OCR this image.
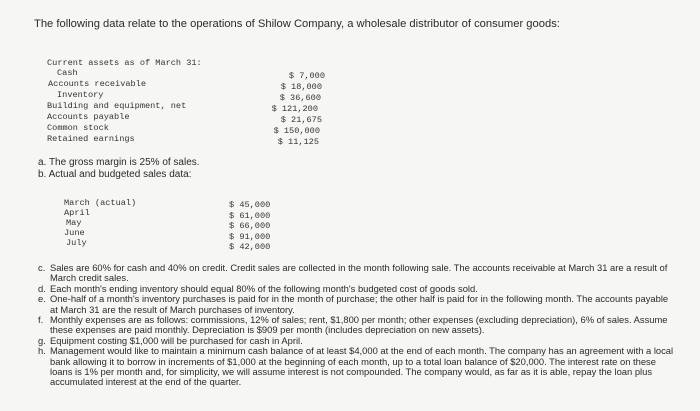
The following data relate to the operations of Shilow Company, a wholesale distributor of consumer goods:
Current assets as of March 31:
Cash
Accounts receivable
Inventory
Building and equipment, net
Accounts payable
Common stock
Retained earnings
$ 7,000
$ 18,000
$ 36,600
$ 121,200
$ 21,675
$ 150,000
$ 11,125
a. The gross margin is 25% of sales.
b. Actual and budgeted sales data:
March (actual)
April
May
June
July
$ 45,000
$ 61,000
$ 66,000
$ 91,000
$ 42,000

c. Sales are 60% for cash and 40% on credit. Credit sales are collected in the month following sale. The accounts receivable at March 31 are a result of March credit sales.

d. Each month's ending inventory should equal 80% of the following month's budgeted cost of goods sold.

e. One-half of a month's inventory purchases is paid for in the month of purchase; the other half is paid for in the following month. The accounts payable at March 31 are the result of March purchases of inventory.

f. Monthly expenses are as follows: commissions, 12% of sales; rent, $1,800 per month; other expenses (excluding depreciation), 6% of sales. Assume these expenses are paid monthly. Depreciation is $909 per month (includes depreciation on new assets).

g. Equipment costing $1,000 will be purchased for cash in April.

h. Management would like to maintain a minimum cash balance of at least $4,000 at the end of each month. The company has an agreement with a local bank allowing it to borrow in increments of $1,000 at the beginning of each month, up to a total loan balance of $20,000. The interest rate on these loans is 1% per month and, for simplicity, we will assume interest is not compounded. The company would, as far as it is able, repay the loan plus accumulated interest at the end of the quarter.
